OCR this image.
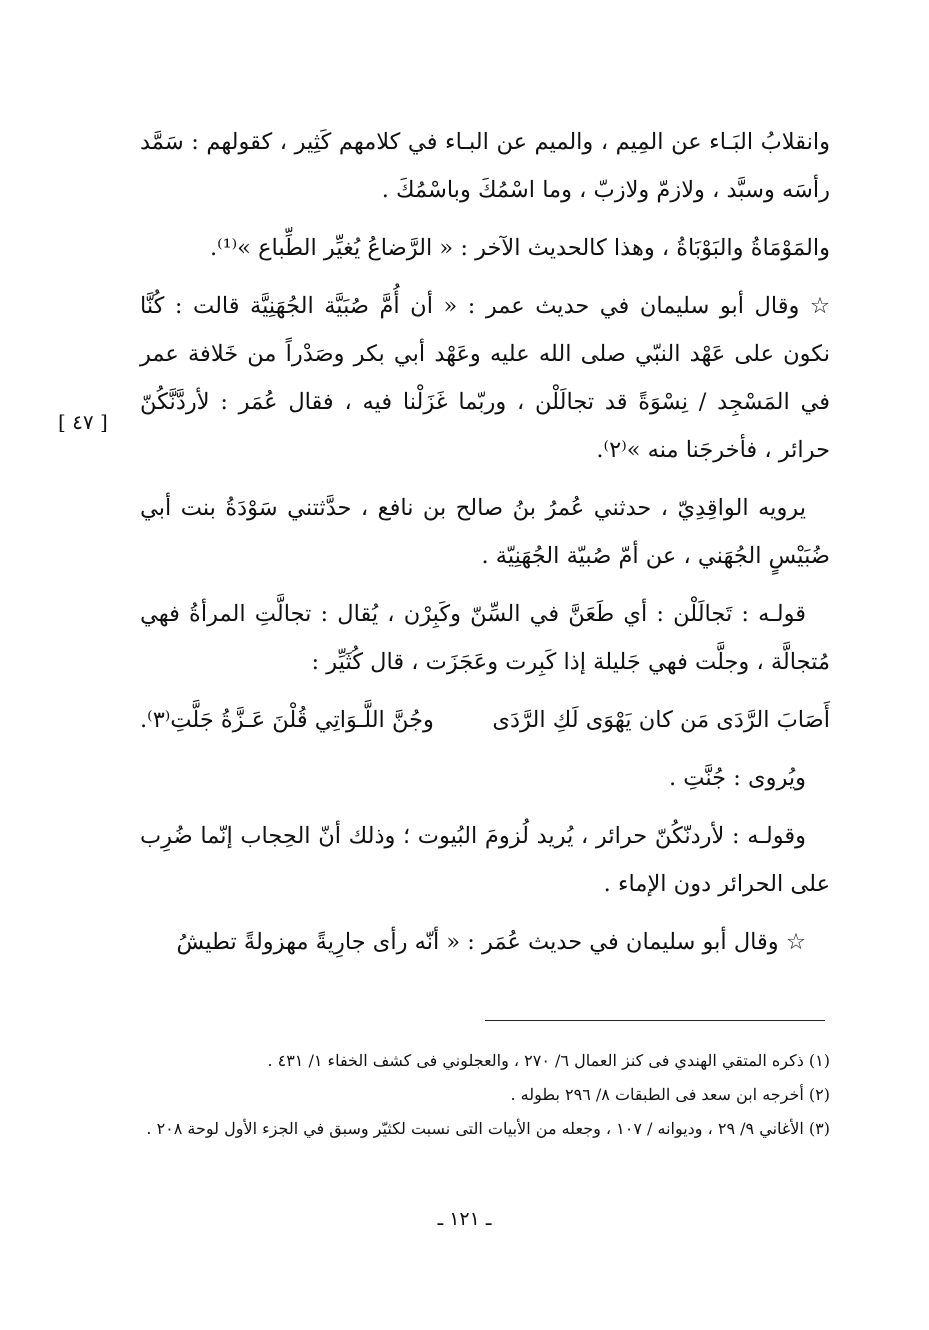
وانقلابُ البَـاء عن المِيم ، والميم عن البـاء في كلامهم كَثِير ، كقولهم : سَمَّد رأسَه وسبَّد ، ولازمّ ولازبّ ، وما اسْمُكَ وباسْمُكَ .

والمَوْمَاةُ والبَوْبَاةُ ، وهذا كالحديث الآخر : « الرَّضاعُ يُغيِّر الطِّباع »⁽¹⁾.

☆ وقال أبو سليمان في حديث عمر : « أن أُمَّ صُبَيَّة الجُهَنِيَّة قالت : كُنَّا نكون على عَهْد النبّي صلى الله عليه وعَهْد أبي بكر وصَدْراً من خَلافة عمر في المَسْجِد / نِسْوَةً قد تجالَلْن ، وربّما غَزَلْنا فيه ، فقال عُمَر : لأردَّنَّكُنّ حرائر ، فأخرجَنا منه »⁽٢⁾.

يرويه الواقِدِيّ ، حدثني عُمرُ بنُ صالح بن نافع ، حدَّثتني سَوْدَةُ بنت أبي ضُبَيْسٍ الجُهَني ، عن أمّ صُبيّة الجُهَنِيّة .

قولـه : تَجالَلْن : أي طَعَنَّ في السِّنّ وكَبِرْن ، يُقال : تجالَّتِ المرأةُ فهي مُتجالَّة ، وجلَّت فهي جَليلة إذا كَبِرت وعَجَزَت ، قال كُثَيِّر :

أَصَابَ الرَّدَى مَن كان يَهْوَى لَكِ الرَّدَى
وجُنَّ اللَّـوَاتِي قُلْنَ عَـزَّةُ جَلَّتِ⁽٣⁾.

ويُروى : جُنَّتِ .

وقولـه : لأردنّكُنّ حرائر ، يُريد لُزومَ البُيوت ؛ وذلك أنّ الحِجاب إنّما ضُرِب على الحرائر دون الإماء .

☆ وقال أبو سليمان في حديث عُمَر : « أنّه رأى جارِيةً مهزولةً تطيشُ

[ ٤٧ ]

(١) ذكره المتقي الهندي فى كنز العمال ٦/ ٢٧٠ ، والعجلوني فى كشف الخفاء ١/ ٤٣١ .

(٢) أخرجه ابن سعد فى الطبقات ٨/ ٢٩٦ بطوله .

(٣) الأغاني ٩/ ٢٩ ، وديوانه / ١٠٧ ، وجعله من الأبيات التى نسبت لكثيّر وسبق في الجزء الأول لوحة ٢٠٨ .

ـ ١٢١ ـ
